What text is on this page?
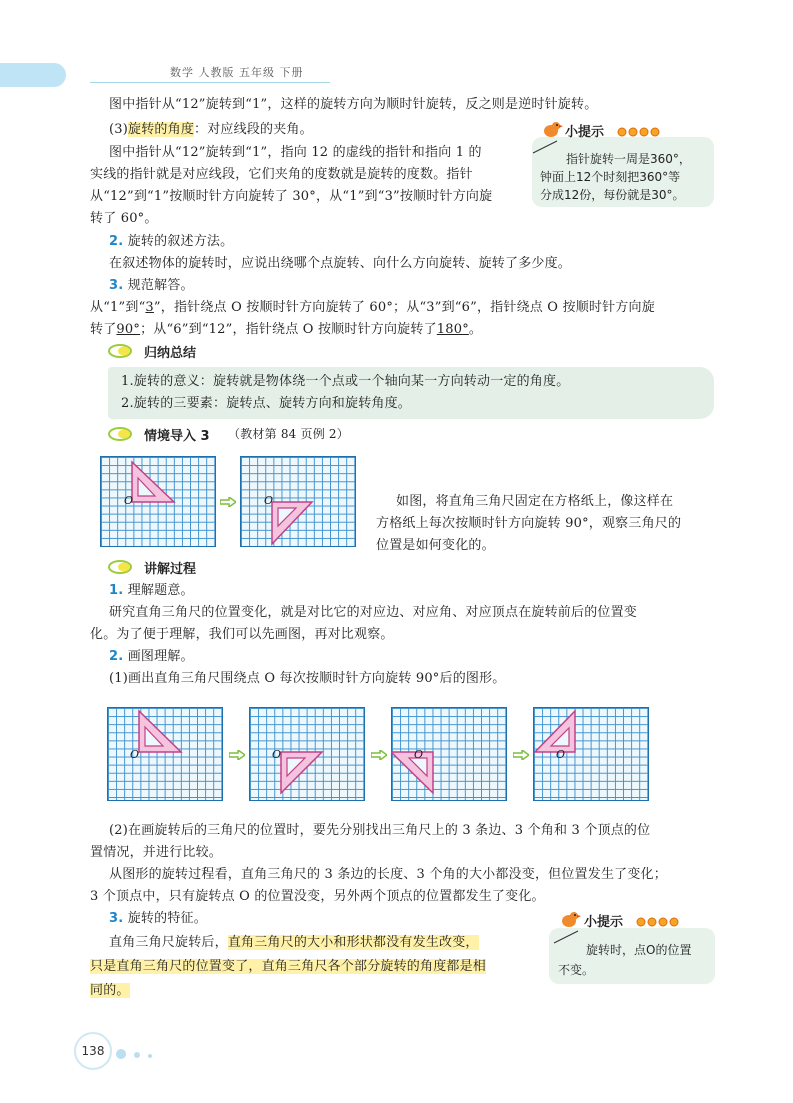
数学 人教版 五年级 下册
图中指针从“12”旋转到“1”，这样的旋转方向为顺时针旋转，反之则是逆时针旋转。
(3)旋转的角度：对应线段的夹角。
图中指针从“12”旋转到“1”，指向 12 的虚线的指针和指向 1 的
实线的指针就是对应线段，它们夹角的度数就是旋转的度数。指针
从“12”到“1”按顺时针方向旋转了 30°，从“1”到“3”按顺时针方向旋
转了 60°。
小提示
指针旋转一周是360°，
钟面上12个时刻把360°等
分成12份，每份就是30°。
2. 旋转的叙述方法。
在叙述物体的旋转时，应说出绕哪个点旋转、向什么方向旋转、旋转了多少度。
3. 规范解答。
从“1”到“3”，指针绕点 O 按顺时针方向旋转了 60°；从“3”到“6”，指针绕点 O 按顺时针方向旋
转了90°；从“6”到“12”，指针绕点 O 按顺时针方向旋转了180°。
归纳总结
1.旋转的意义：旋转就是物体绕一个点或一个轴向某一方向转动一定的角度。
2.旋转的三要素：旋转点、旋转方向和旋转角度。
情境导入 3 （教材第 84 页例 2）
O	O	如图，将直角三角尺固定在方格纸上，像这样在
方格纸上每次按顺时针方向旋转 90°，观察三角尺的
位置是如何变化的。
讲解过程
1. 理解题意。
研究直角三角尺的位置变化，就是对比它的对应边、对应角、对应顶点在旋转前后的位置变
化。为了便于理解，我们可以先画图，再对比观察。
2. 画图理解。
(1)画出直角三角尺围绕点 O 每次按顺时针方向旋转 90°后的图形。
O	O	O	O
(2)在画旋转后的三角尺的位置时，要先分别找出三角尺上的 3 条边、3 个角和 3 个顶点的位
置情况，并进行比较。
从图形的旋转过程看，直角三角尺的 3 条边的长度、3 个角的大小都没变，但位置发生了变化；
3 个顶点中，只有旋转点 O 的位置没变，另外两个顶点的位置都发生了变化。
3. 旋转的特征。
直角三角尺旋转后，直角三角尺的大小和形状都没有发生改变，
只是直角三角尺的位置变了，直角三角尺各个部分旋转的角度都是相
同的。
小提示
旋转时，点O的位置
不变。
138
